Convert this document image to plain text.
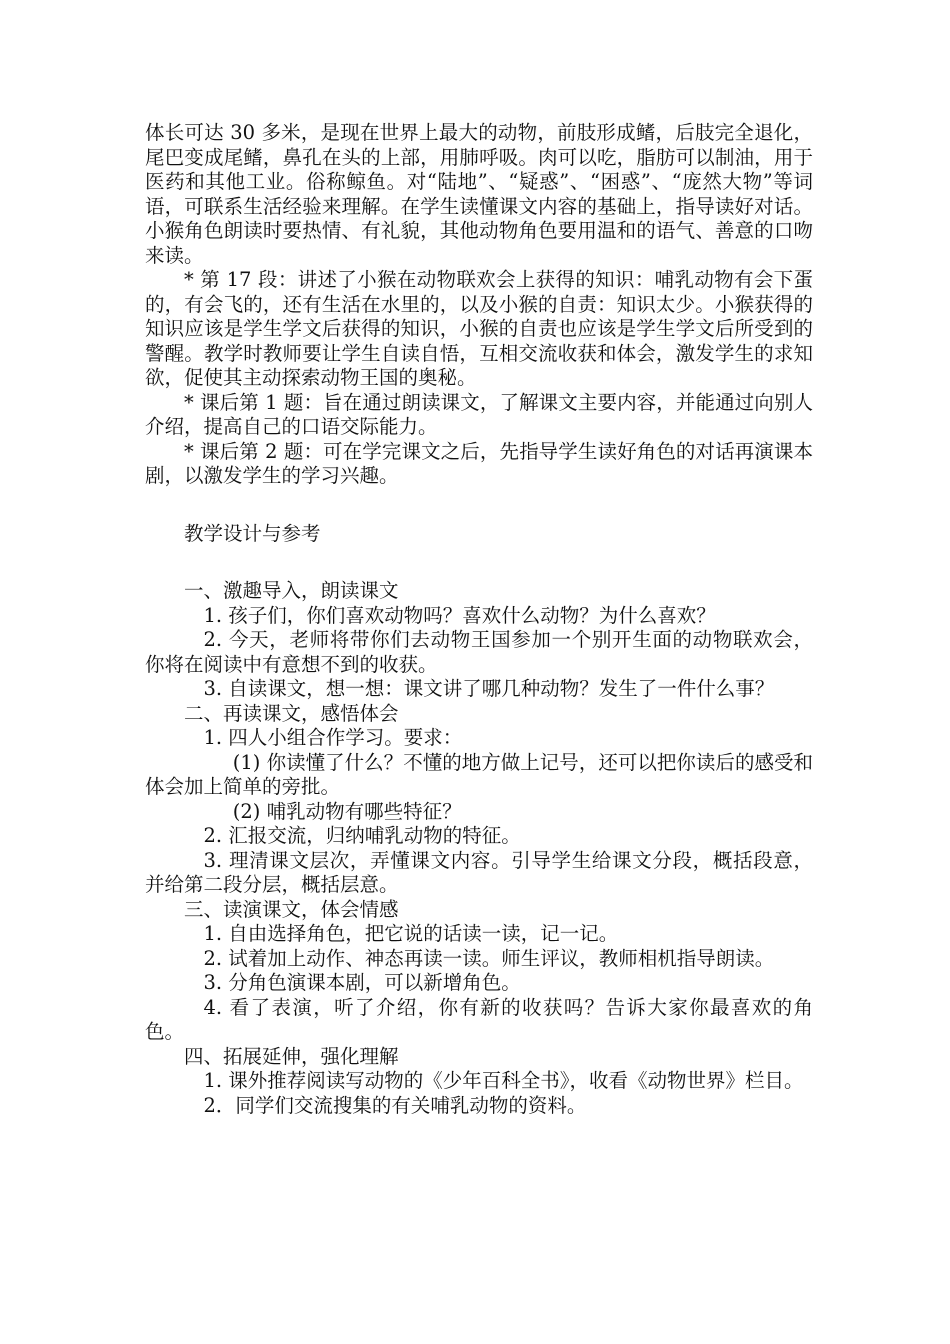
体长可达 30 多米，是现在世界上最大的动物，前肢形成鳍，后肢完全退化，尾巴变成尾鳍，鼻孔在头的上部，用肺呼吸。肉可以吃，脂肪可以制油，用于医药和其他工业。俗称鲸鱼。对“陆地”、“疑惑”、“困惑”、“庞然大物”等词语，可联系生活经验来理解。在学生读懂课文内容的基础上，指导读好对话。小猴角色朗读时要热情、有礼貌，其他动物角色要用温和的语气、善意的口吻来读。

* 第 17 段：讲述了小猴在动物联欢会上获得的知识：哺乳动物有会下蛋的，有会飞的，还有生活在水里的，以及小猴的自责：知识太少。小猴获得的知识应该是学生学文后获得的知识，小猴的自责也应该是学生学文后所受到的警醒。教学时教师要让学生自读自悟，互相交流收获和体会，激发学生的求知欲，促使其主动探索动物王国的奥秘。

* 课后第 1 题：旨在通过朗读课文，了解课文主要内容，并能通过向别人介绍，提高自己的口语交际能力。

* 课后第 2 题：可在学完课文之后，先指导学生读好角色的对话再演课本剧，以激发学生的学习兴趣。

教学设计与参考

一、激趣导入，朗读课文

1. 孩子们，你们喜欢动物吗？喜欢什么动物？为什么喜欢？

2. 今天，老师将带你们去动物王国参加一个别开生面的动物联欢会，你将在阅读中有意想不到的收获。

3. 自读课文，想一想：课文讲了哪几种动物？发生了一件什么事？

二、再读课文，感悟体会

1. 四人小组合作学习。要求：

(1) 你读懂了什么？不懂的地方做上记号，还可以把你读后的感受和体会加上简单的旁批。

(2) 哺乳动物有哪些特征？

2. 汇报交流，归纳哺乳动物的特征。

3. 理清课文层次，弄懂课文内容。引导学生给课文分段，概括段意，并给第二段分层，概括层意。

三、读演课文，体会情感

1. 自由选择角色，把它说的话读一读，记一记。

2. 试着加上动作、神态再读一读。师生评议，教师相机指导朗读。

3. 分角色演课本剧，可以新增角色。

4. 看了表演，听了介绍，你有新的收获吗？告诉大家你最喜欢的角色。

四、拓展延伸，强化理解

1. 课外推荐阅读写动物的《少年百科全书》，收看《动物世界》栏目。

2．同学们交流搜集的有关哺乳动物的资料。
